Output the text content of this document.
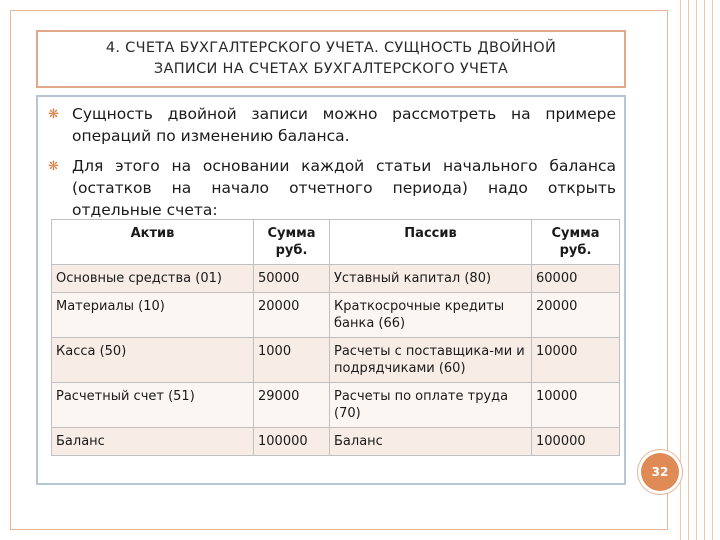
4. СЧЕТА БУХГАЛТЕРСКОГО УЧЕТА. СУЩНОСТЬ ДВОЙНОЙ
ЗАПИСИ НА СЧЕТАХ БУХГАЛТЕРСКОГО УЧЕТА
❋ Сущность двойной записи можно рассмотреть на примере операций по изменению баланса.
❋ Для этого на основании каждой статьи начального баланса (остатков на начало отчетного периода) надо открыть отдельные счета:
Актив	Сумма руб.	Пассив	Сумма руб.
Основные средства (01)	50000	Уставный капитал (80)	60000
Материалы (10)	20000	Краткосрочные кредиты банка (66)	20000
Касса (50)	1000	Расчеты с поставщика-ми и подрядчиками (60)	10000
Расчетный счет (51)	29000	Расчеты по оплате труда (70)	10000
Баланс	100000	Баланс	100000
32
